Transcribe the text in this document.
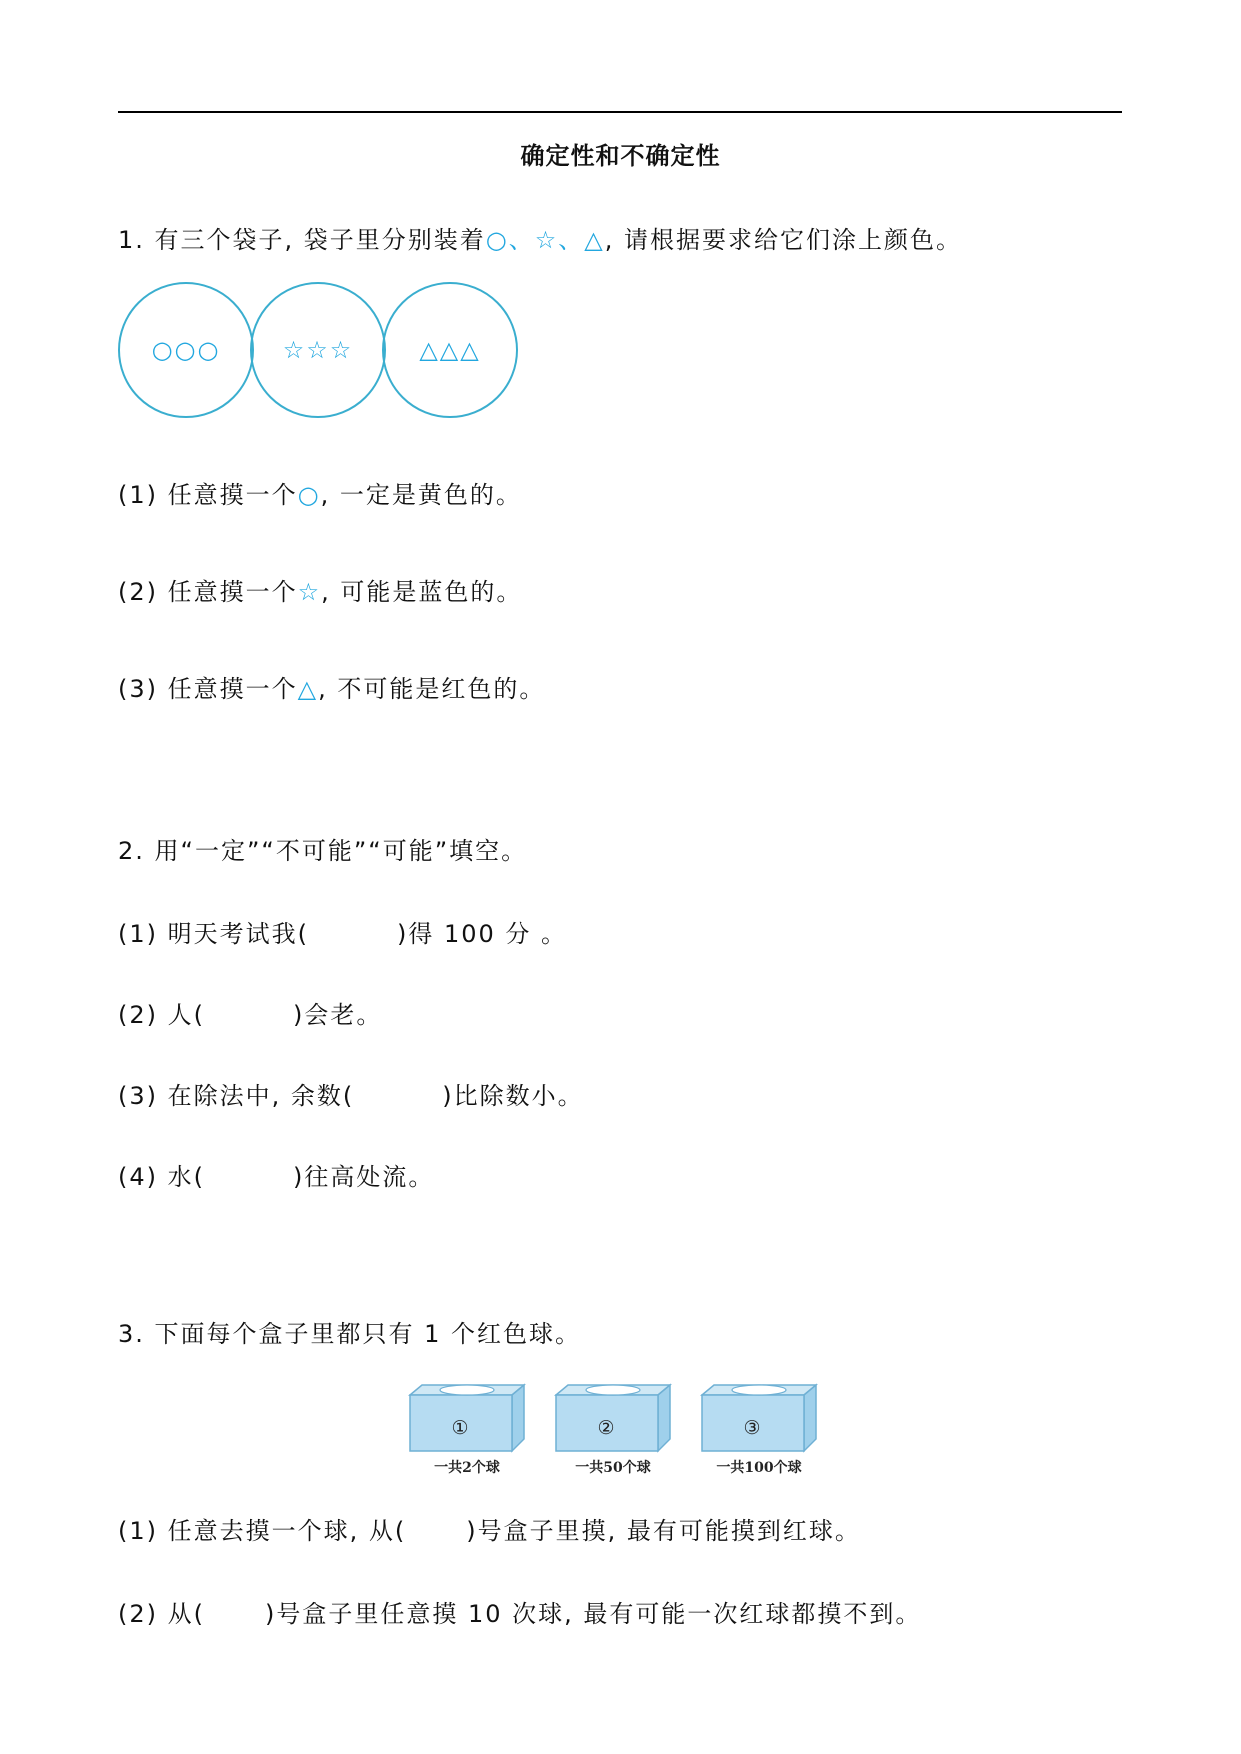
确定性和不确定性
1. 有三个袋子, 袋子里分别装着○、☆、△, 请根据要求给它们涂上颜色。
○○○	☆☆☆	△△△
(1) 任意摸一个○, 一定是黄色的。
(2) 任意摸一个☆, 可能是蓝色的。
(3) 任意摸一个△, 不可能是红色的。
2. 用“一定”“不可能”“可能”填空。
(1) 明天考试我(	)得 100 分 。
(2) 人(	)会老。
(3) 在除法中, 余数(	)比除数小。
(4) 水(	)往高处流。
3. 下面每个盒子里都只有 1 个红色球。
①
一共2个球
②
一共50个球
③
一共100个球
(1) 任意去摸一个球, 从(	)号盒子里摸, 最有可能摸到红球。
(2) 从(	)号盒子里任意摸 10 次球, 最有可能一次红球都摸不到。
